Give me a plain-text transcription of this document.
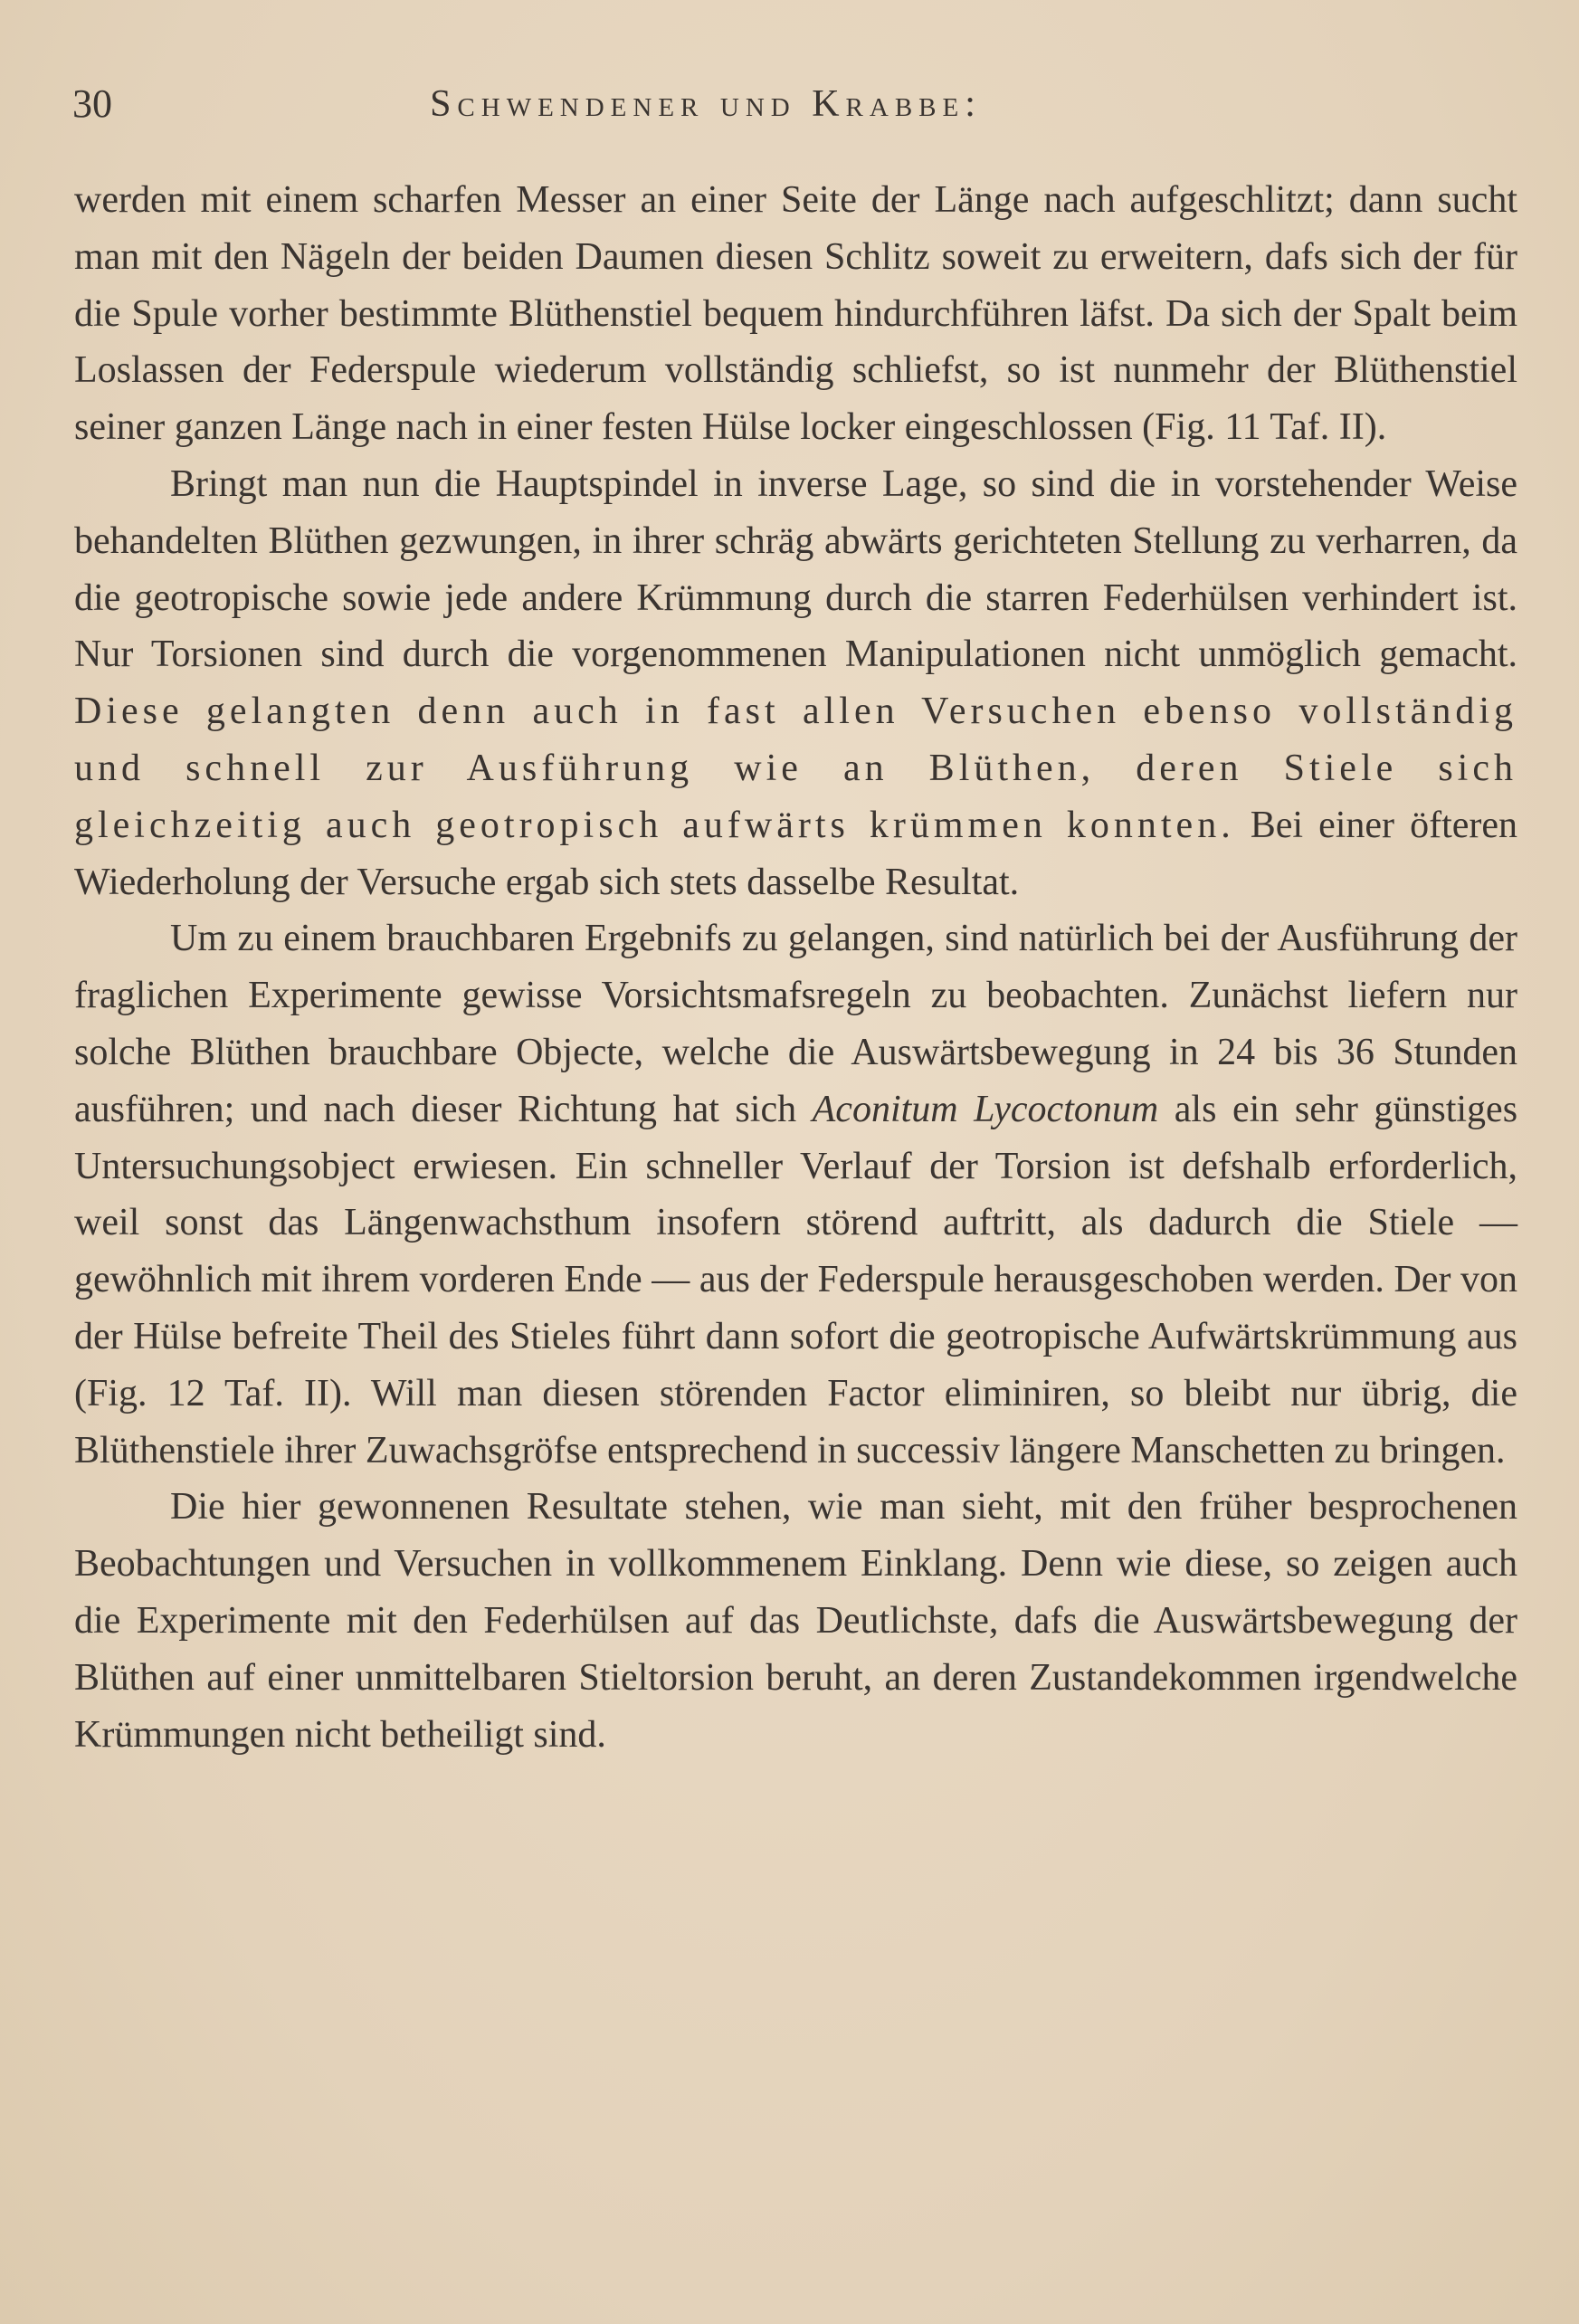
30	Schwendener und Krabbe:

werden mit einem scharfen Messer an einer Seite der Länge nach aufgeschlitzt; dann sucht man mit den Nägeln der beiden Daumen diesen Schlitz soweit zu erweitern, dafs sich der für die Spule vorher bestimmte Blüthenstiel bequem hindurchführen läfst. Da sich der Spalt beim Loslassen der Federspule wiederum vollständig schliefst, so ist nunmehr der Blüthenstiel seiner ganzen Länge nach in einer festen Hülse locker eingeschlossen (Fig. 11 Taf. II).

Bringt man nun die Hauptspindel in inverse Lage, so sind die in vorstehender Weise behandelten Blüthen gezwungen, in ihrer schräg abwärts gerichteten Stellung zu verharren, da die geotropische sowie jede andere Krümmung durch die starren Federhülsen verhindert ist. Nur Torsionen sind durch die vorgenommenen Manipulationen nicht unmöglich gemacht. Diese gelangten denn auch in fast allen Versuchen ebenso vollständig und schnell zur Ausführung wie an Blüthen, deren Stiele sich gleichzeitig auch geotropisch aufwärts krümmen konnten. Bei einer öfteren Wiederholung der Versuche ergab sich stets dasselbe Resultat.

Um zu einem brauchbaren Ergebnifs zu gelangen, sind natürlich bei der Ausführung der fraglichen Experimente gewisse Vorsichtsmafsregeln zu beobachten. Zunächst liefern nur solche Blüthen brauchbare Objecte, welche die Auswärtsbewegung in 24 bis 36 Stunden ausführen; und nach dieser Richtung hat sich Aconitum Lycoctonum als ein sehr günstiges Untersuchungsobject erwiesen. Ein schneller Verlauf der Torsion ist defshalb erforderlich, weil sonst das Längenwachsthum insofern störend auftritt, als dadurch die Stiele — gewöhnlich mit ihrem vorderen Ende — aus der Federspule herausgeschoben werden. Der von der Hülse befreite Theil des Stieles führt dann sofort die geotropische Aufwärtskrümmung aus (Fig. 12 Taf. II). Will man diesen störenden Factor eliminiren, so bleibt nur übrig, die Blüthenstiele ihrer Zuwachsgröfse entsprechend in successiv längere Manschetten zu bringen.

Die hier gewonnenen Resultate stehen, wie man sieht, mit den früher besprochenen Beobachtungen und Versuchen in vollkommenem Einklang. Denn wie diese, so zeigen auch die Experimente mit den Federhülsen auf das Deutlichste, dafs die Auswärtsbewegung der Blüthen auf einer unmittelbaren Stieltorsion beruht, an deren Zustandekommen irgendwelche Krümmungen nicht betheiligt sind.
